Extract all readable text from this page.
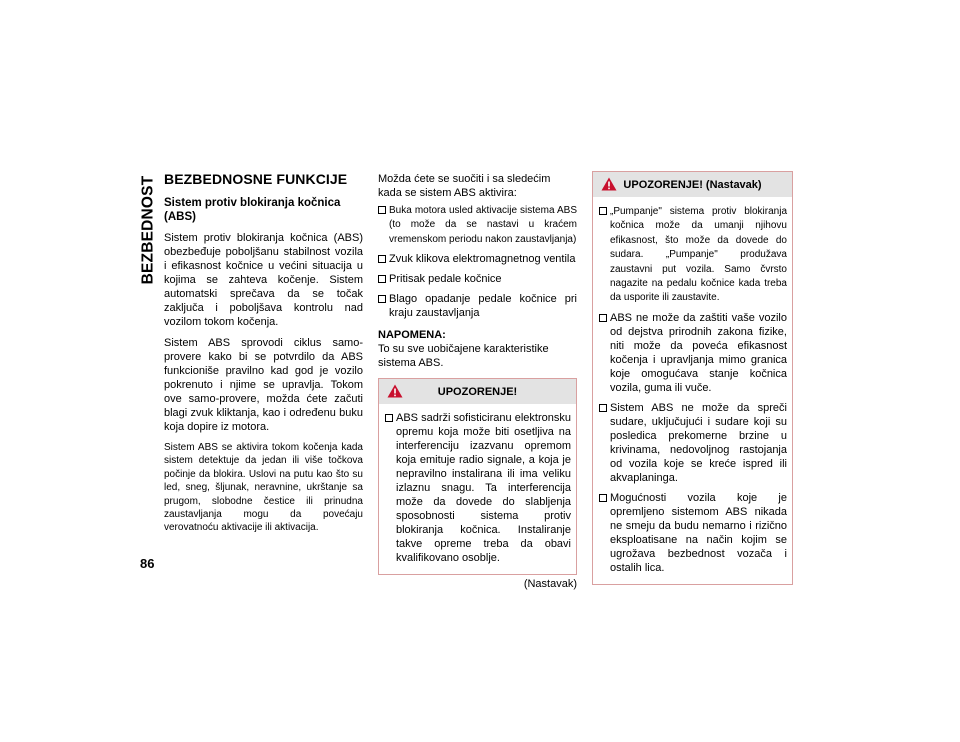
BEZBEDNOST
86
BEZBEDNOSNE FUNKCIJE
Sistem protiv blokiranja kočnica (ABS)

Sistem protiv blokiranja kočnica (ABS) obezbeđuje poboljšanu stabilnost vozila i efikasnost kočnice u većini situacija u kojima se zahteva kočenje. Sistem automatski sprečava da se točak zaključa i poboljšava kontrolu nad vozilom tokom kočenja.

Sistem ABS sprovodi ciklus samo-provere kako bi se potvrdilo da ABS funkcioniše pravilno kad god je vozilo pokrenuto i njime se upravlja. Tokom ove samo-provere, možda ćete začuti blagi zvuk kliktanja, kao i određenu buku koja dopire iz motora.

Sistem ABS se aktivira tokom kočenja kada sistem detektuje da jedan ili više točkova počinje da blokira. Uslovi na putu kao što su led, sneg, šljunak, neravnine, ukrštanje sa prugom, slobodne čestice ili prinudna zaustavljanja mogu da povećaju verovatnoću aktivacije ili aktivacija.

Možda ćete se suočiti i sa sledećim kada se sistem ABS aktivira:

Buka motora usled aktivacije sistema ABS (to može da se nastavi u kraćem vremenskom periodu nakon zaustavljanja)
Zvuk klikova elektromagnetnog ventila
Pritisak pedale kočnice
Blago opadanje pedale kočnice pri kraju zaustavljanja
NAPOMENA:

To su sve uobičajene karakteristike sistema ABS.

UPOZORENJE!
ABS sadrži sofisticiranu elektronsku opremu koja može biti osetljiva na interferenciju izazvanu opremom koja emituje radio signale, a koja je nepravilno instalirana ili ima veliku izlaznu snagu. Ta interferencija može da dovede do slabljenja sposobnosti sistema protiv blokiranja kočnica. Instaliranje takve opreme treba da obavi kvalifikovano osoblje.
(Nastavak)
UPOZORENJE! (Nastavak)
„Pumpanje" sistema protiv blokiranja kočnica može da umanji njihovu efikasnost, što može da dovede do sudara. „Pumpanje" produžava zaustavni put vozila. Samo čvrsto nagazite na pedalu kočnice kada treba da usporite ili zaustavite.
ABS ne može da zaštiti vaše vozilo od dejstva prirodnih zakona fizike, niti može da poveća efikasnost kočenja i upravljanja mimo granica koje omogućava stanje kočnica vozila, guma ili vuče.
Sistem ABS ne može da spreči sudare, uključujući i sudare koji su posledica prekomerne brzine u krivinama, nedovoljnog rastojanja od vozila koje se kreće ispred ili akvaplaninga.
Mogućnosti vozila koje je opremljeno sistemom ABS nikada ne smeju da budu nemarno i rizično eksploatisane na način kojim se ugrožava bezbednost vozača i ostalih lica.
